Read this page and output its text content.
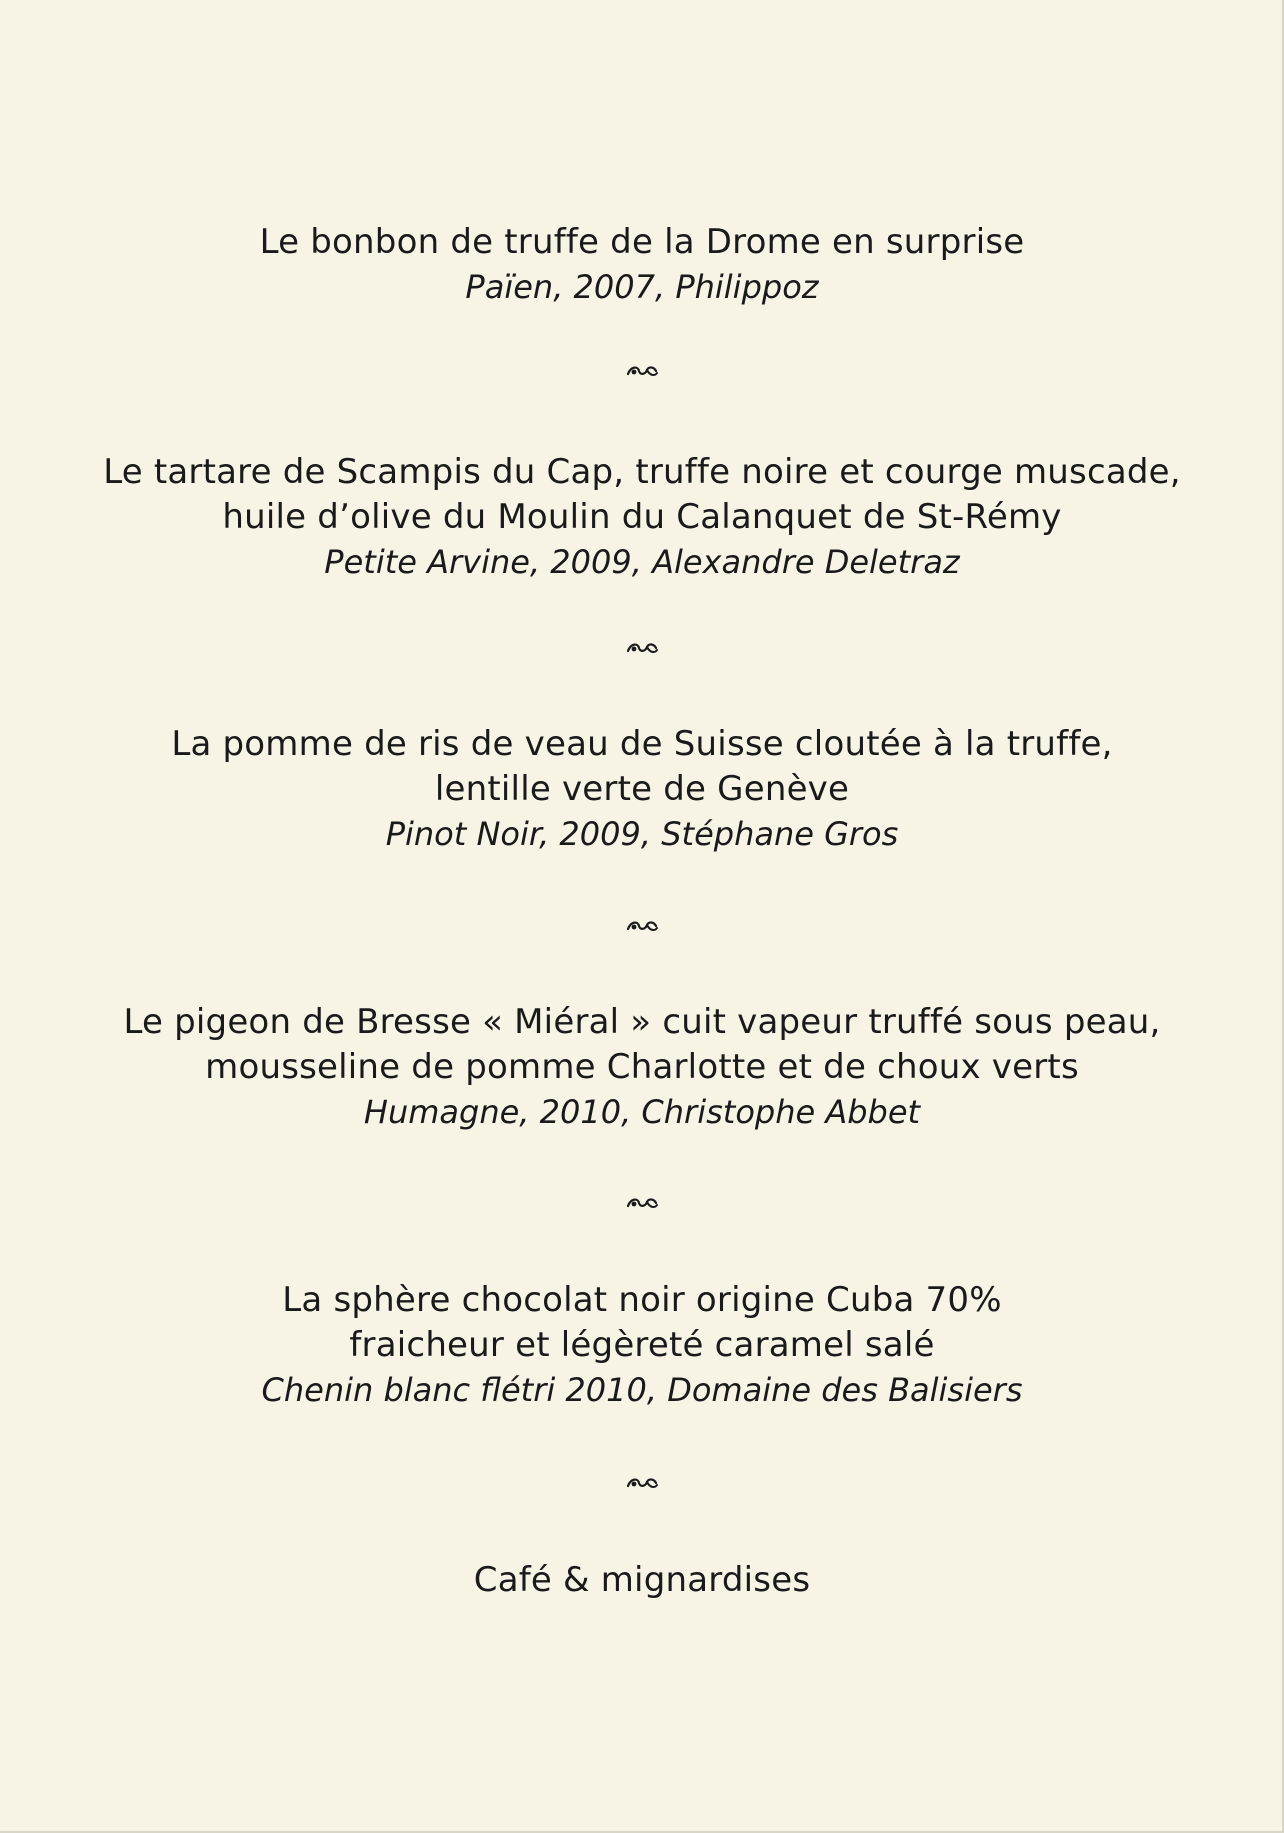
Le bonbon de truffe de la Drome en surprise
Païen, 2007, Philippoz
Le tartare de Scampis du Cap, truffe noire et courge muscade,
huile d’olive du Moulin du Calanquet de St-Rémy
Petite Arvine, 2009, Alexandre Deletraz
La pomme de ris de veau de Suisse cloutée à la truffe,
lentille verte de Genève
Pinot Noir, 2009, Stéphane Gros
Le pigeon de Bresse « Miéral » cuit vapeur truffé sous peau,
mousseline de pomme Charlotte et de choux verts
Humagne, 2010, Christophe Abbet
La sphère chocolat noir origine Cuba 70%
fraicheur et légèreté caramel salé
Chenin blanc flétri 2010, Domaine des Balisiers
Café & mignardises
